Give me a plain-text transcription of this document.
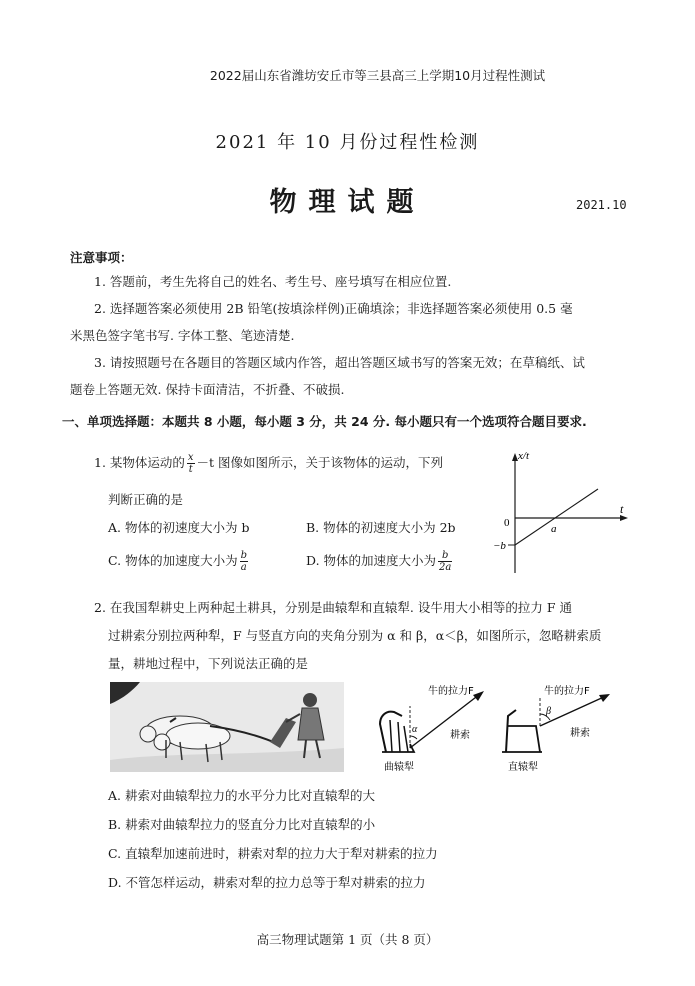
2022届山东省潍坊安丘市等三县高三上学期10月过程性测试
2021 年 10 月份过程性检测
物理试题	2021.10
注意事项：
1. 答题前，考生先将自己的姓名、考生号、座号填写在相应位置.
2. 选择题答案必须使用 2B 铅笔(按填涂样例)正确填涂；非选择题答案必须使用 0.5 毫
米黑色签字笔书写. 字体工整、笔迹清楚.
3. 请按照题号在各题目的答题区域内作答，超出答题区域书写的答案无效；在草稿纸、试
题卷上答题无效. 保持卡面清洁，不折叠、不破损.
一、单项选择题：本题共 8 小题，每小题 3 分，共 24 分. 每小题只有一个选项符合题目要求.
1. 某物体运动的 $\frac{x}{t} -t$ 图像如图所示，关于该物体的运动，下列
判断正确的是
A. 物体的初速度大小为 b	B. 物体的初速度大小为 2b
C. 物体的加速度大小为 $\frac{b}{a}$	D. 物体的加速度大小为 $\frac{b}{2a}$
x/t
t
0	a
−b
2. 在我国犁耕史上两种起土耕具，分别是曲辕犁和直辕犁. 设牛用大小相等的拉力 F 通
过耕索分别拉两种犁，F 与竖直方向的夹角分别为 α 和 β，α＜β，如图所示，忽略耕索质
量，耕地过程中，下列说法正确的是
牛的拉力F
α
耕索
曲辕犁
牛的拉力F
β
耕索
直辕犁
A. 耕索对曲辕犁拉力的水平分力比对直辕犁的大
B. 耕索对曲辕犁拉力的竖直分力比对直辕犁的小
C. 直辕犁加速前进时，耕索对犁的拉力大于犁对耕索的拉力
D. 不管怎样运动，耕索对犁的拉力总等于犁对耕索的拉力
高三物理试题第 1 页（共 8 页）
